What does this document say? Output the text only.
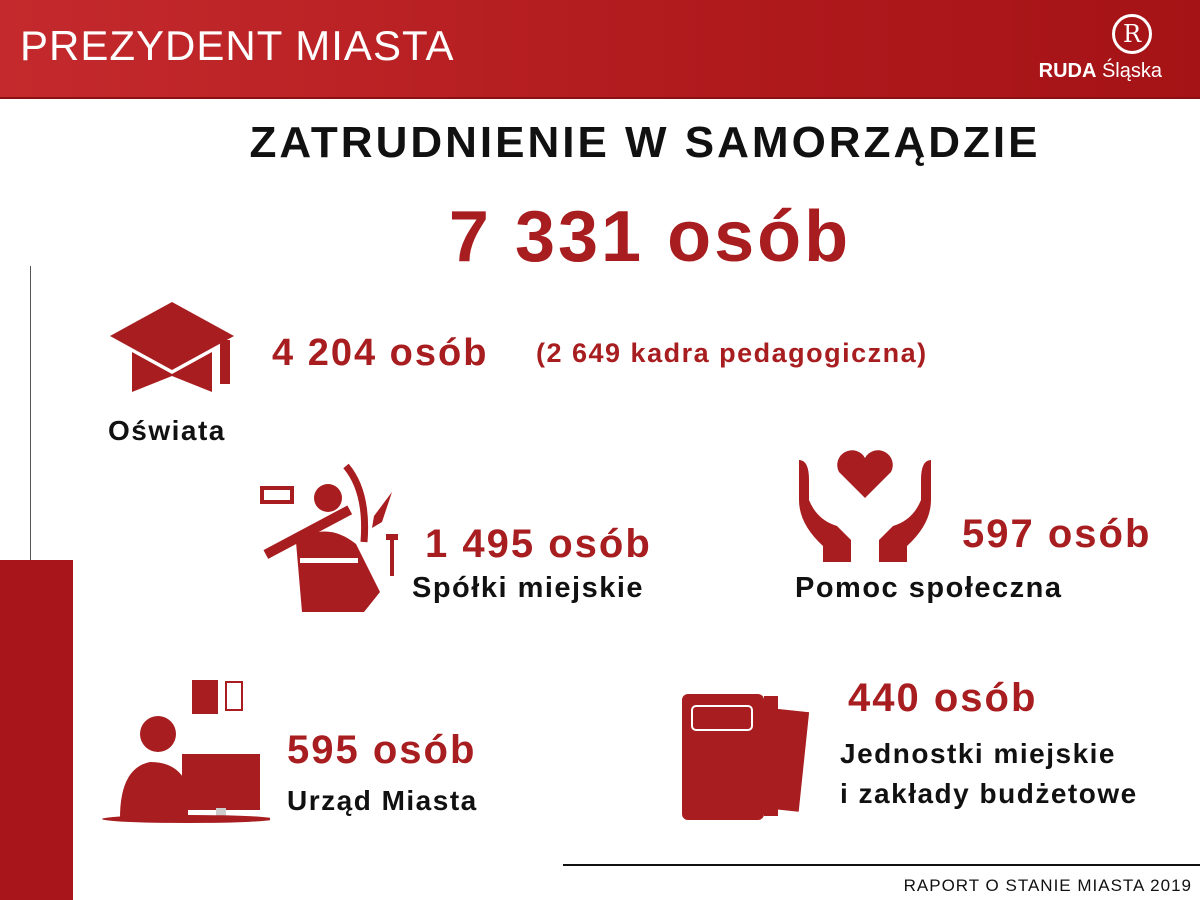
PREZYDENT MIASTA	R
RUDA Śląska
ZATRUDNIENIE W SAMORZĄDZIE
7 331 osób
4 204 osób (2 649 kadra pedagogiczna)
Oświata
1 495 osób
Spółki miejskie
597 osób
Pomoc społeczna
595 osób
Urząd Miasta
440 osób
Jednostki miejskie
i zakłady budżetowe
RAPORT O STANIE MIASTA 2019
